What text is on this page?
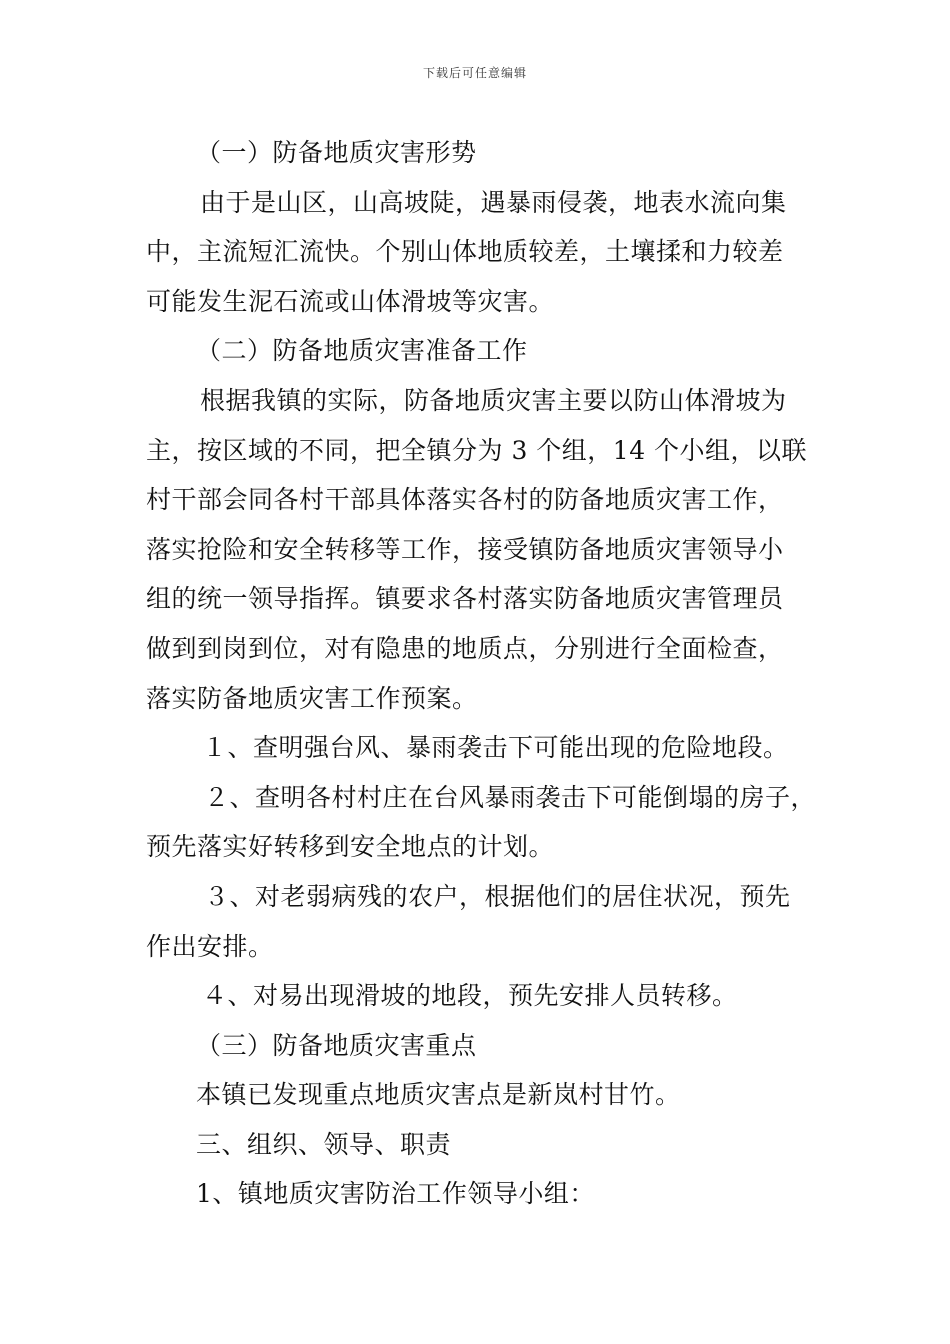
下载后可任意编辑
（一）防备地质灾害形势
由于是山区，山高坡陡，遇暴雨侵袭，地表水流向集
中，主流短汇流快。个别山体地质较差，土壤揉和力较差
可能发生泥石流或山体滑坡等灾害。
（二）防备地质灾害准备工作
根据我镇的实际，防备地质灾害主要以防山体滑坡为
主，按区域的不同，把全镇分为 3 个组，14 个小组，以联
村干部会同各村干部具体落实各村的防备地质灾害工作，
落实抢险和安全转移等工作，接受镇防备地质灾害领导小
组的统一领导指挥。镇要求各村落实防备地质灾害管理员
做到到岗到位，对有隐患的地质点，分别进行全面检查，
落实防备地质灾害工作预案。
１、查明强台风、暴雨袭击下可能出现的危险地段。
２、查明各村村庄在台风暴雨袭击下可能倒塌的房子，
预先落实好转移到安全地点的计划。
３、对老弱病残的农户，根据他们的居住状况，预先
作出安排。
４、对易出现滑坡的地段，预先安排人员转移。
（三）防备地质灾害重点
本镇已发现重点地质灾害点是新岚村甘竹。
三、组织、领导、职责
1、镇地质灾害防治工作领导小组：
